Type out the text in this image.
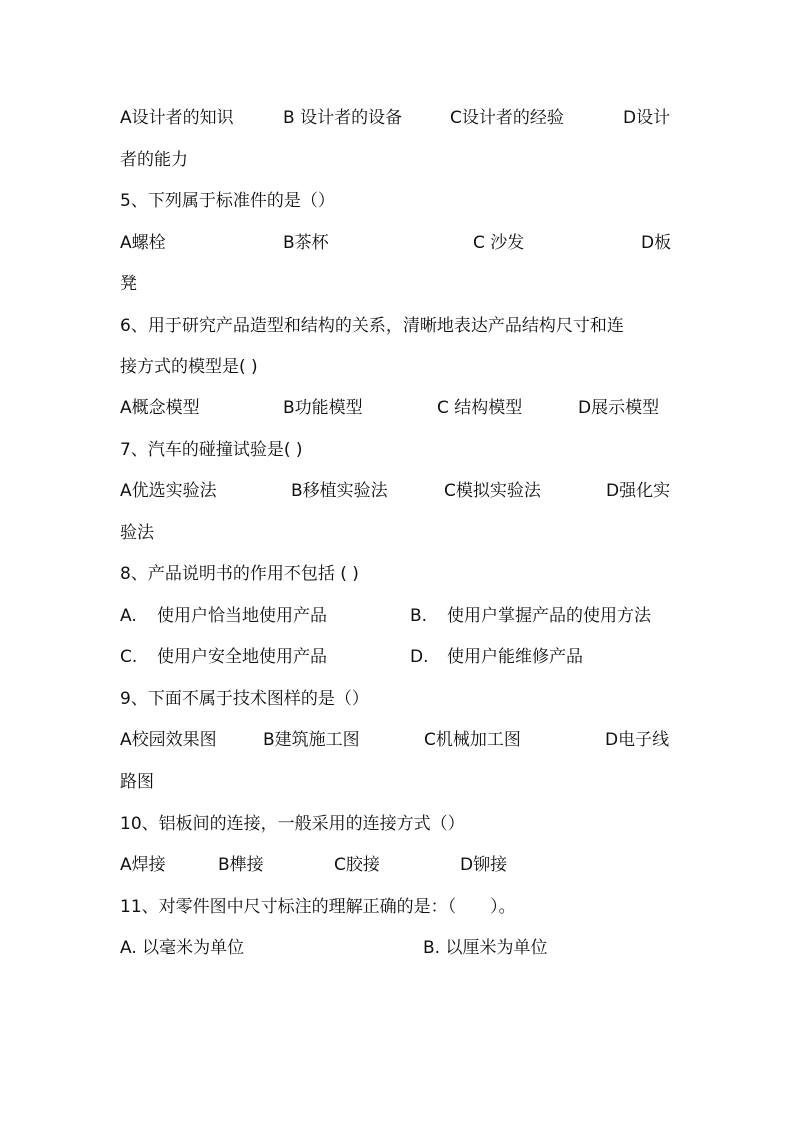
A设计者的知识	B 设计者的设备	C设计者的经验	D设计
者的能力
5、下列属于标准件的是（）
A螺栓	B茶杯	C 沙发	D板
凳
6、用于研究产品造型和结构的关系，清晰地表达产品结构尺寸和连
接方式的模型是( )
A概念模型	B功能模型	C 结构模型	D展示模型
7、汽车的碰撞试验是( )
A优选实验法	B移植实验法	C模拟实验法	D强化实
验法
8、产品说明书的作用不包括 ( )
A. 使用户恰当地使用产品	B. 使用户掌握产品的使用方法
C. 使用户安全地使用产品	D. 使用户能维修产品
9、下面不属于技术图样的是（）
A校园效果图	B建筑施工图	C机械加工图	D电子线
路图
10、铝板间的连接，一般采用的连接方式（）
A焊接	B榫接	C胶接	D铆接
11、对零件图中尺寸标注的理解正确的是：（　　）。
A. 以毫米为单位	B. 以厘米为单位
